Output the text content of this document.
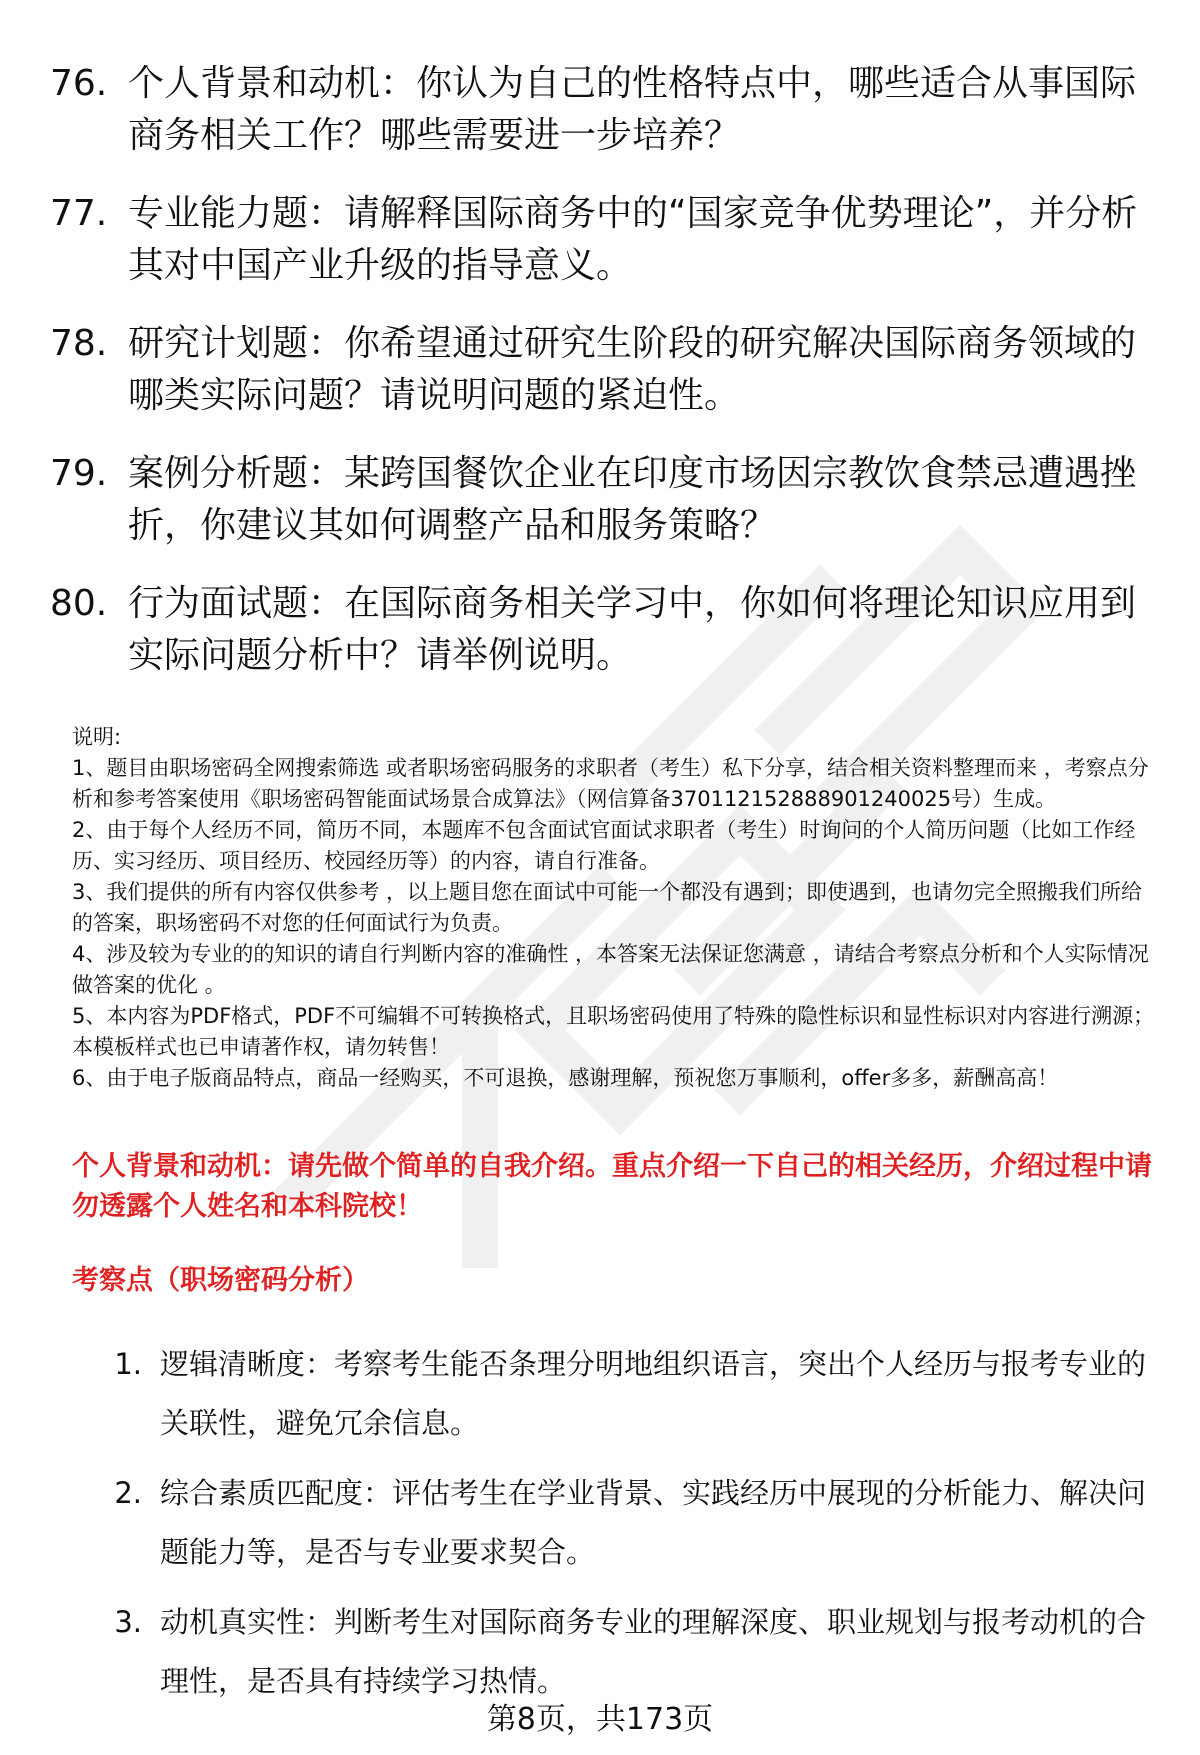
76. 个人背景和动机：你认为自己的性格特点中，哪些适合从事国际商务相关工作？哪些需要进一步培养？
77. 专业能力题：请解释国际商务中的“国家竞争优势理论”，并分析其对中国产业升级的指导意义。
78. 研究计划题：你希望通过研究生阶段的研究解决国际商务领域的哪类实际问题？请说明问题的紧迫性。
79. 案例分析题：某跨国餐饮企业在印度市场因宗教饮食禁忌遭遇挫折，你建议其如何调整产品和服务策略？
80. 行为面试题：在国际商务相关学习中，你如何将理论知识应用到实际问题分析中？请举例说明。
说明:
1、题目由职场密码全网搜索筛选 或者职场密码服务的求职者（考生）私下分享，结合相关资料整理而来 ，考察点分析和参考答案使用《职场密码智能面试场景合成算法》（网信算备370112152888901240025号）生成。
2、由于每个人经历不同，简历不同，本题库不包含面试官面试求职者（考生）时询问的个人简历问题（比如工作经历、实习经历、项目经历、校园经历等）的内容，请自行准备。
3、我们提供的所有内容仅供参考 ，以上题目您在面试中可能一个都没有遇到；即使遇到，也请勿完全照搬我们所给的答案，职场密码不对您的任何面试行为负责。
4、涉及较为专业的的知识的请自行判断内容的准确性 ，本答案无法保证您满意 ，请结合考察点分析和个人实际情况做答案的优化 。
5、本内容为PDF格式，PDF不可编辑不可转换格式，且职场密码使用了特殊的隐性标识和显性标识对内容进行溯源；本模板样式也已申请著作权，请勿转售！
6、由于电子版商品特点，商品一经购买，不可退换，感谢理解，预祝您万事顺利，offer多多，薪酬高高！
个人背景和动机：请先做个简单的自我介绍。重点介绍一下自己的相关经历，介绍过程中请勿透露个人姓名和本科院校！
考察点（职场密码分析）
1. 逻辑清晰度：考察考生能否条理分明地组织语言，突出个人经历与报考专业的关联性，避免冗余信息。
2. 综合素质匹配度：评估考生在学业背景、实践经历中展现的分析能力、解决问题能力等，是否与专业要求契合。
3. 动机真实性：判断考生对国际商务专业的理解深度、职业规划与报考动机的合理性，是否具有持续学习热情。
第8页，共173页
